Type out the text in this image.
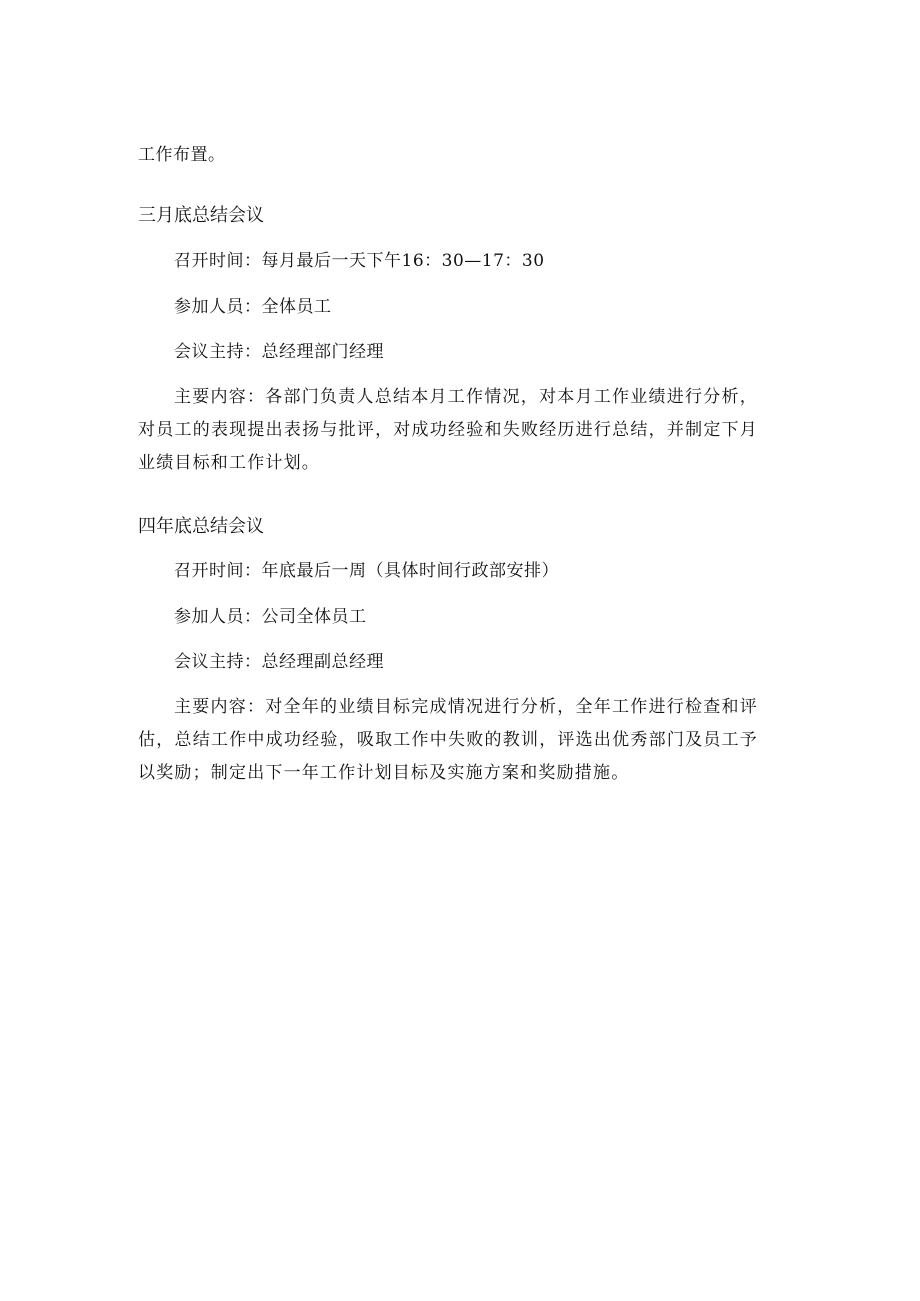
工作布置。
三月底总结会议
召开时间：每月最后一天下午16：30—17：30
参加人员：全体员工
会议主持：总经理部门经理
主要内容：各部门负责人总结本月工作情况，对本月工作业绩进行分析，对员工的表现提出表扬与批评，对成功经验和失败经历进行总结，并制定下月业绩目标和工作计划。
四年底总结会议
召开时间：年底最后一周（具体时间行政部安排）
参加人员：公司全体员工
会议主持：总经理副总经理
主要内容：对全年的业绩目标完成情况进行分析，全年工作进行检查和评估，总结工作中成功经验，吸取工作中失败的教训，评选出优秀部门及员工予以奖励；制定出下一年工作计划目标及实施方案和奖励措施。
